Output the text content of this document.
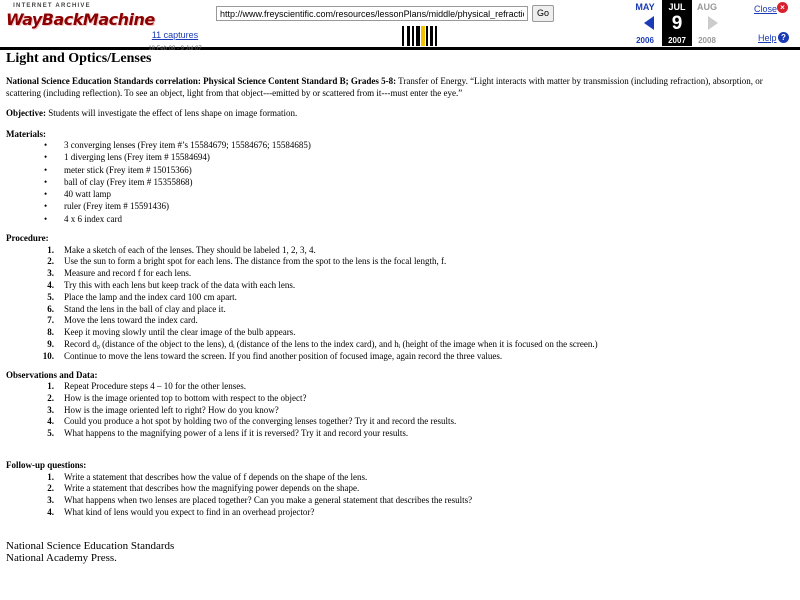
INTERNET ARCHIVE
WayBackMachine
11 captures
18 Feb 08 - 9 Jul 07
http://www.freyscientific.com/resources/lessonPlans/middle/physical_refraction.htm
Go
MAY	JUL
9
AUG
2006	2007	2008
Close ×
Help ?
Light and Optics/Lenses

National Science Education Standards correlation: Physical Science Content Standard B; Grades 5-8: Transfer of Energy. “Light interacts with matter by transmission (including refraction), absorption, or scattering (including reflection). To see an object, light from that object---emitted by or scattered from it---must enter the eye.”

Objective: Students will investigate the effect of lens shape on image formation.

Materials:

• 3 converging lenses (Frey item #’s 15584679; 15584676; 15584685)
• 1 diverging lens (Frey item # 15584694)
• meter stick (Frey item # 15015366)
• ball of clay (Frey item # 15355868)
• 40 watt lamp
• ruler (Frey item # 15591436)
• 4 x 6 index card

Procedure:

1. Make a sketch of each of the lenses. They should be labeled 1, 2, 3, 4.
2. Use the sun to form a bright spot for each lens. The distance from the spot to the lens is the focal length, f.
3. Measure and record f for each lens.
4. Try this with each lens but keep track of the data with each lens.
5. Place the lamp and the index card 100 cm apart.
6. Stand the lens in the ball of clay and place it.
7. Move the lens toward the index card.
8. Keep it moving slowly until the clear image of the bulb appears.
9. Record d₀ (distance of the object to the lens), dᵢ (distance of the lens to the index card), and hᵢ (height of the image when it is focused on the screen.)
10. Continue to move the lens toward the screen. If you find another position of focused image, again record the three values.

Observations and Data:

1. Repeat Procedure steps 4 – 10 for the other lenses.
2. How is the image oriented top to bottom with respect to the object?
3. How is the image oriented left to right? How do you know?
4. Could you produce a hot spot by holding two of the converging lenses together? Try it and record the results.
5. What happens to the magnifying power of a lens if it is reversed? Try it and record your results.

Follow-up questions:

1. Write a statement that describes how the value of f depends on the shape of the lens.
2. Write a statement that describes how the magnifying power depends on the shape.
3. What happens when two lenses are placed together? Can you make a general statement that describes the results?
4. What kind of lens would you expect to find in an overhead projector?
National Science Education Standards
National Academy Press.
